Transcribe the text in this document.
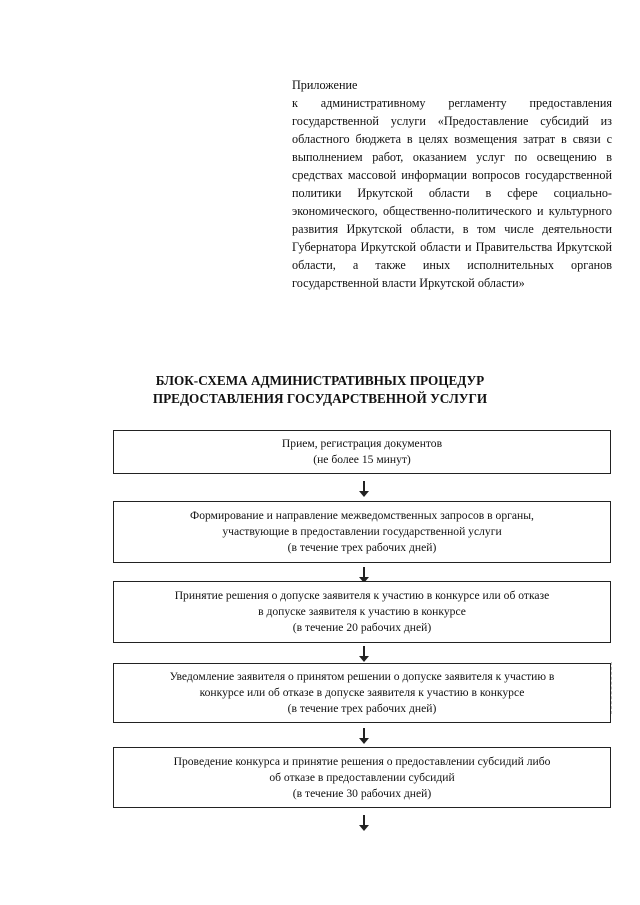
Приложение
к административному регламенту предоставления государственной услуги «Предоставление субсидий из областного бюджета в целях возмещения затрат в связи с выполнением работ, оказанием услуг по освещению в средствах массовой информации вопросов государственной политики Иркутской области в сфере социально-экономического, общественно-политического и культурного развития Иркутской области, в том числе деятельности Губернатора Иркутской области и Правительства Иркутской области, а также иных исполнительных органов государственной власти Иркутской области»
БЛОК-СХЕМА АДМИНИСТРАТИВНЫХ ПРОЦЕДУР
ПРЕДОСТАВЛЕНИЯ ГОСУДАРСТВЕННОЙ УСЛУГИ
Прием, регистрация документов
(не более 15 минут)
Формирование и направление межведомственных запросов в органы,
участвующие в предоставлении государственной услуги
(в течение трех рабочих дней)
Принятие решения о допуске заявителя к участию в конкурсе или об отказе
в допуске заявителя к участию в конкурсе
(в течение 20 рабочих дней)
Уведомление заявителя о принятом решении о допуске заявителя к участию в
конкурсе или об отказе в допуске заявителя к участию в конкурсе
(в течение трех рабочих дней)
Проведение конкурса и принятие решения о предоставлении субсидий либо
об отказе в предоставлении субсидий
(в течение 30 рабочих дней)
